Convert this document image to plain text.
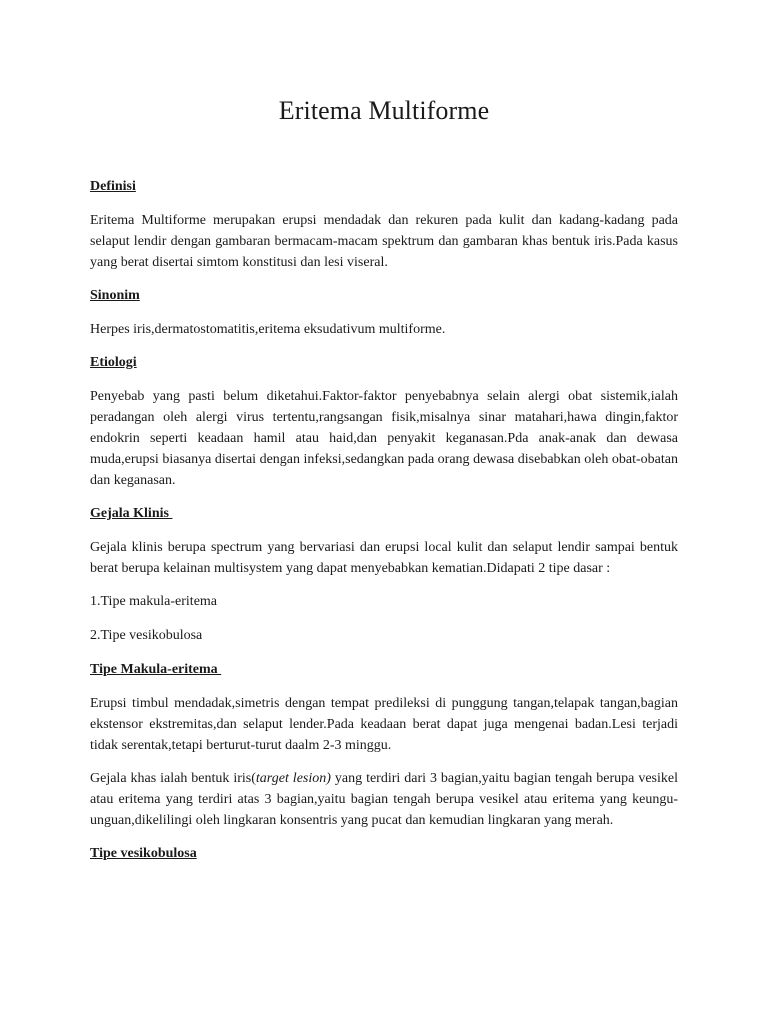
Eritema Multiforme
Definisi

Eritema Multiforme merupakan erupsi mendadak dan rekuren pada kulit dan kadang-kadang pada selaput lendir dengan gambaran bermacam-macam spektrum dan gambaran khas bentuk iris.Pada kasus yang berat disertai simtom konstitusi dan lesi viseral.

Sinonim

Herpes iris,dermatostomatitis,eritema eksudativum multiforme.

Etiologi

Penyebab yang pasti belum diketahui.Faktor-faktor penyebabnya selain alergi obat sistemik,ialah peradangan oleh alergi virus tertentu,rangsangan fisik,misalnya sinar matahari,hawa dingin,faktor endokrin seperti keadaan hamil atau haid,dan penyakit keganasan.Pda anak-anak dan dewasa muda,erupsi biasanya disertai dengan infeksi,sedangkan pada orang dewasa disebabkan oleh obat-obatan dan keganasan.

Gejala Klinis

Gejala klinis berupa spectrum yang bervariasi dan erupsi local kulit dan selaput lendir sampai bentuk berat berupa kelainan multisystem yang dapat menyebabkan kematian.Didapati 2 tipe dasar :

1.Tipe makula-eritema

2.Tipe vesikobulosa

Tipe Makula-eritema

Erupsi timbul mendadak,simetris dengan tempat predileksi di punggung tangan,telapak tangan,bagian ekstensor ekstremitas,dan selaput lender.Pada keadaan berat dapat juga mengenai badan.Lesi terjadi tidak serentak,tetapi berturut-turut daalm 2-3 minggu.

Gejala khas ialah bentuk iris(target lesion) yang terdiri dari 3 bagian,yaitu bagian tengah berupa vesikel atau eritema yang terdiri atas 3 bagian,yaitu bagian tengah berupa vesikel atau eritema yang keungu-unguan,dikelilingi oleh lingkaran konsentris yang pucat dan kemudian lingkaran yang merah.

Tipe vesikobulosa
